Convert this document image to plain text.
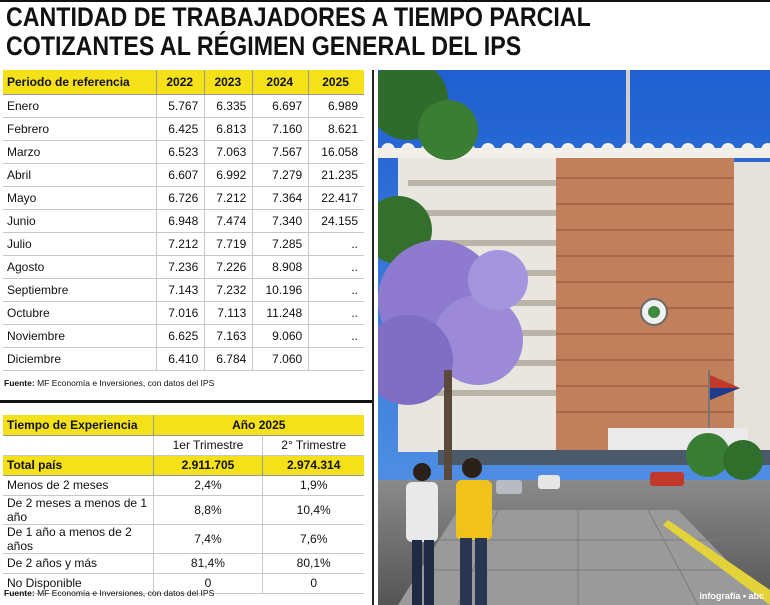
CANTIDAD DE TRABAJADORES A TIEMPO PARCIAL
COTIZANTES AL RÉGIMEN GENERAL DEL IPS
infografía • abc
Periodo de referencia	2022	2023	2024	2025
Enero	5.767	6.335	6.697	6.989
Febrero	6.425	6.813	7.160	8.621
Marzo	6.523	7.063	7.567	16.058
Abril	6.607	6.992	7.279	21.235
Mayo	6.726	7.212	7.364	22.417
Junio	6.948	7.474	7.340	24.155
Julio	7.212	7.719	7.285	..
Agosto	7.236	7.226	8.908	..
Septiembre	7.143	7.232	10.196	..
Octubre	7.016	7.113	11.248	..
Noviembre	6.625	7.163	9.060	..
Diciembre	6.410	6.784	7.060	
Fuente: MF Economía e Inversiones, con datos del IPS
Tiempo de Experiencia	Año 2025	
	1er Trimestre	2° Trimestre
Total país	2.911.705	2.974.314
Menos de 2 meses	2,4%	1,9%
De 2 meses a menos de 1 año	8,8%	10,4%
De 1 año a menos de 2 años	7,4%	7,6%
De 2 años y más	81,4%	80,1%
No Disponible	0	0
Fuente: MF Economía e Inversiones, con datos del IPS
